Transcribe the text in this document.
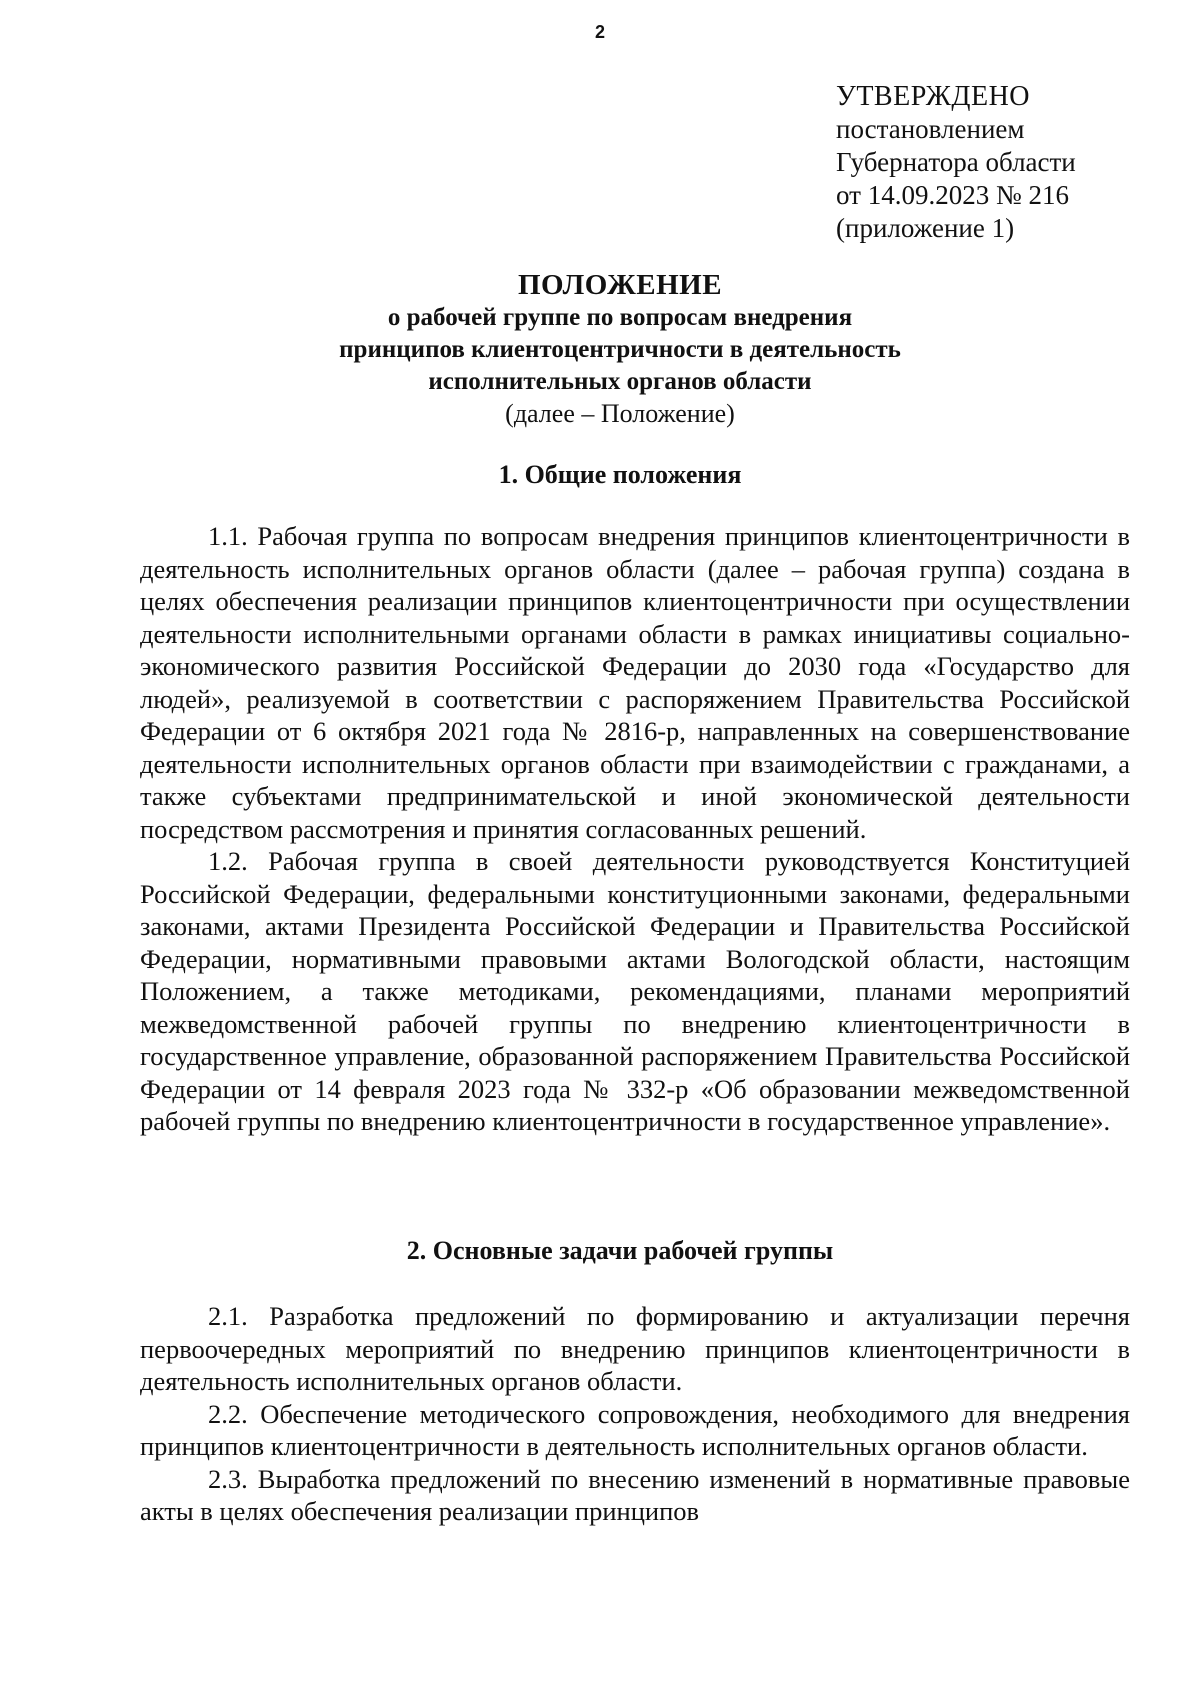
2
УТВЕРЖДЕНО
постановлением
Губернатора области
от 14.09.2023 № 216
(приложение 1)
ПОЛОЖЕНИЕ
о рабочей группе по вопросам внедрения
принципов клиентоцентричности в деятельность
исполнительных органов области
(далее – Положение)
1. Общие положения

1.1. Рабочая группа по вопросам внедрения принципов клиентоцентричности в деятельность исполнительных органов области (далее – рабочая группа) создана в целях обеспечения реализации принципов клиентоцентричности при осуществлении деятельности исполнительными органами области в рамках инициативы социально-экономического развития Российской Федерации до 2030 года «Государство для людей», реализуемой в соответствии с распоряжением Правительства Российской Федерации от 6 октября 2021 года № 2816-р, направленных на совершенствование деятельности исполнительных органов области при взаимодействии с гражданами, а также субъектами предпринимательской и иной экономической деятельности посредством рассмотрения и принятия согласованных решений.

1.2. Рабочая группа в своей деятельности руководствуется Конституцией Российской Федерации, федеральными конституционными законами, федеральными законами, актами Президента Российской Федерации и Правительства Российской Федерации, нормативными правовыми актами Вологодской области, настоящим Положением, а также методиками, рекомендациями, планами мероприятий межведомственной рабочей группы по внедрению клиентоцентричности в государственное управление, образованной распоряжением Правительства Российской Федерации от 14 февраля 2023 года № 332-р «Об образовании межведомственной рабочей группы по внедрению клиентоцентричности в государственное управление».

2. Основные задачи рабочей группы

2.1. Разработка предложений по формированию и актуализации перечня первоочередных мероприятий по внедрению принципов клиентоцентричности в деятельность исполнительных органов области.

2.2. Обеспечение методического сопровождения, необходимого для внедрения принципов клиентоцентричности в деятельность исполнительных органов области.

2.3. Выработка предложений по внесению изменений в нормативные правовые акты в целях обеспечения реализации принципов
